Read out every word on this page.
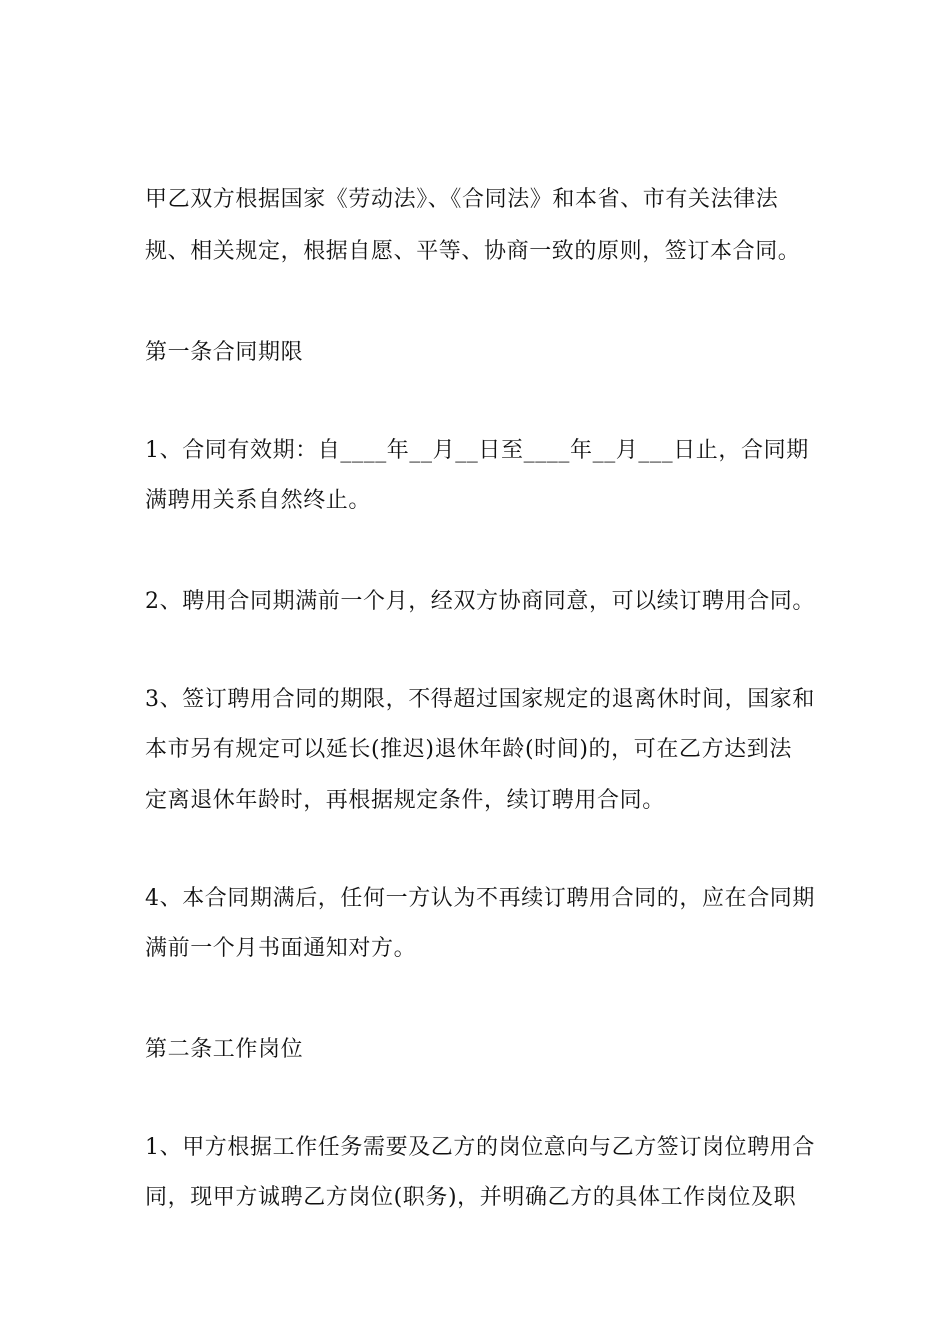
甲乙双方根据国家《劳动法》、《合同法》和本省、市有关法律法
规、相关规定，根据自愿、平等、协商一致的原则，签订本合同。
第一条合同期限
1、合同有效期：自____年__月__日至____年__月___日止，合同期
满聘用关系自然终止。
2、聘用合同期满前一个月，经双方协商同意，可以续订聘用合同。
3、签订聘用合同的期限，不得超过国家规定的退离休时间，国家和
本市另有规定可以延长(推迟)退休年龄(时间)的，可在乙方达到法
定离退休年龄时，再根据规定条件，续订聘用合同。
4、本合同期满后，任何一方认为不再续订聘用合同的，应在合同期
满前一个月书面通知对方。
第二条工作岗位
1、甲方根据工作任务需要及乙方的岗位意向与乙方签订岗位聘用合
同，现甲方诚聘乙方岗位(职务)，并明确乙方的具体工作岗位及职
